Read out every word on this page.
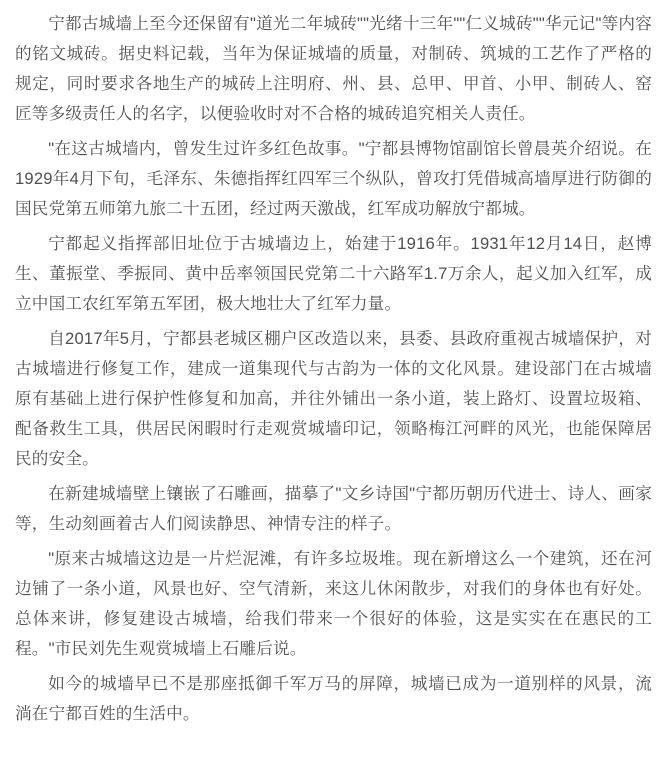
宁都古城墙上至今还保留有"道光二年城砖""光绪十三年""仁义城砖""华元记"等内容的铭文城砖。据史料记载，当年为保证城墙的质量，对制砖、筑城的工艺作了严格的规定，同时要求各地生产的城砖上注明府、州、县、总甲、甲首、小甲、制砖人、窑匠等多级责任人的名字，以便验收时对不合格的城砖追究相关人责任。

"在这古城墙内，曾发生过许多红色故事。"宁都县博物馆副馆长曾晨英介绍说。在1929年4月下旬，毛泽东、朱德指挥红四军三个纵队，曾攻打凭借城高墙厚进行防御的国民党第五师第九旅二十五团，经过两天激战，红军成功解放宁都城。

宁都起义指挥部旧址位于古城墙边上，始建于1916年。1931年12月14日，赵博生、董振堂、季振同、黄中岳率领国民党第二十六路军1.7万余人，起义加入红军，成立中国工农红军第五军团，极大地壮大了红军力量。

自2017年5月，宁都县老城区棚户区改造以来，县委、县政府重视古城墙保护，对古城墙进行修复工作，建成一道集现代与古韵为一体的文化风景。建设部门在古城墙原有基础上进行保护性修复和加高，并往外铺出一条小道，装上路灯、设置垃圾箱、配备救生工具，供居民闲暇时行走观赏城墙印记，领略梅江河畔的风光，也能保障居民的安全。

在新建城墙壁上镶嵌了石雕画，描摹了"文乡诗国"宁都历朝历代进士、诗人、画家等，生动刻画着古人们阅读静思、神情专注的样子。

"原来古城墙这边是一片烂泥滩，有许多垃圾堆。现在新增这么一个建筑，还在河边铺了一条小道，风景也好、空气清新，来这儿休闲散步，对我们的身体也有好处。总体来讲，修复建设古城墙，给我们带来一个很好的体验，这是实实在在惠民的工程。"市民刘先生观赏城墙上石雕后说。

如今的城墙早已不是那座抵御千军万马的屏障，城墙已成为一道别样的风景，流淌在宁都百姓的生活中。
